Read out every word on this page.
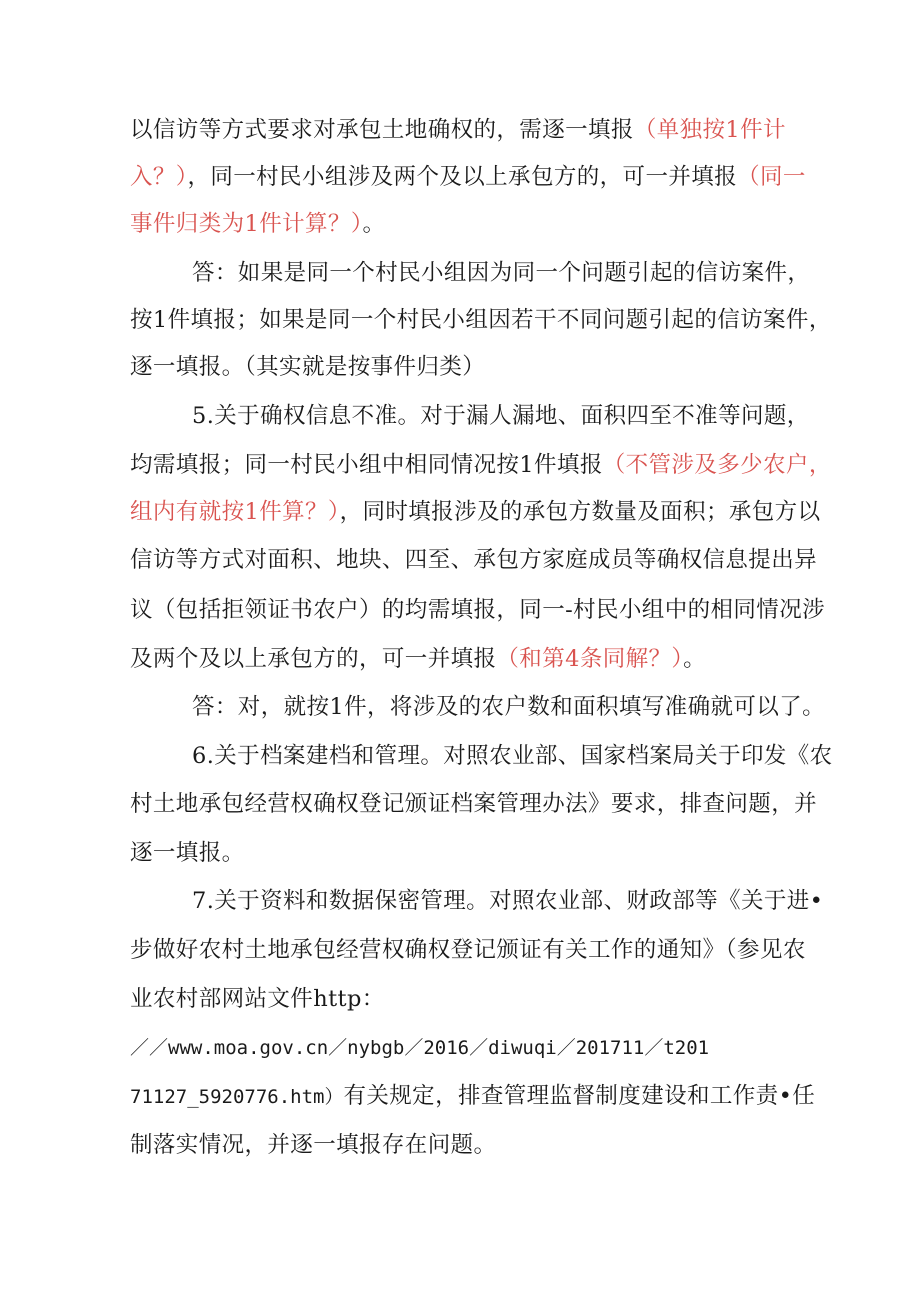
以信访等方式要求对承包土地确权的，需逐一填报（单独按1件计
入？），同一村民小组涉及两个及以上承包方的，可一并填报（同一
事件归类为1件计算？）。
答：如果是同一个村民小组因为同一个问题引起的信访案件，
按1件填报；如果是同一个村民小组因若干不同问题引起的信访案件，
逐一填报。（其实就是按事件归类）
5.关于确权信息不准。对于漏人漏地、面积四至不准等问题，
均需填报；同一村民小组中相同情况按1件填报（不管涉及多少农户，
组内有就按1件算？），同时填报涉及的承包方数量及面积；承包方以
信访等方式对面积、地块、四至、承包方家庭成员等确权信息提出异
议（包括拒领证书农户）的均需填报，同一-村民小组中的相同情况涉
及两个及以上承包方的，可一并填报（和第4条同解？）。
答：对，就按1件，将涉及的农户数和面积填写准确就可以了。
6.关于档案建档和管理。对照农业部、国家档案局关于印发《农
村土地承包经营权确权登记颁证档案管理办法》要求，排查问题，并
逐一填报。
7.关于资料和数据保密管理。对照农业部、财政部等《关于进•
步做好农村土地承包经营权确权登记颁证有关工作的通知》（参见农
业农村部网站文件http：
／／www.moa.gov.cn／nybgb／2016／diwuqi／201711／t201
71127_5920776.htm）有关规定，排查管理监督制度建设和工作责•任
制落实情况，并逐一填报存在问题。
